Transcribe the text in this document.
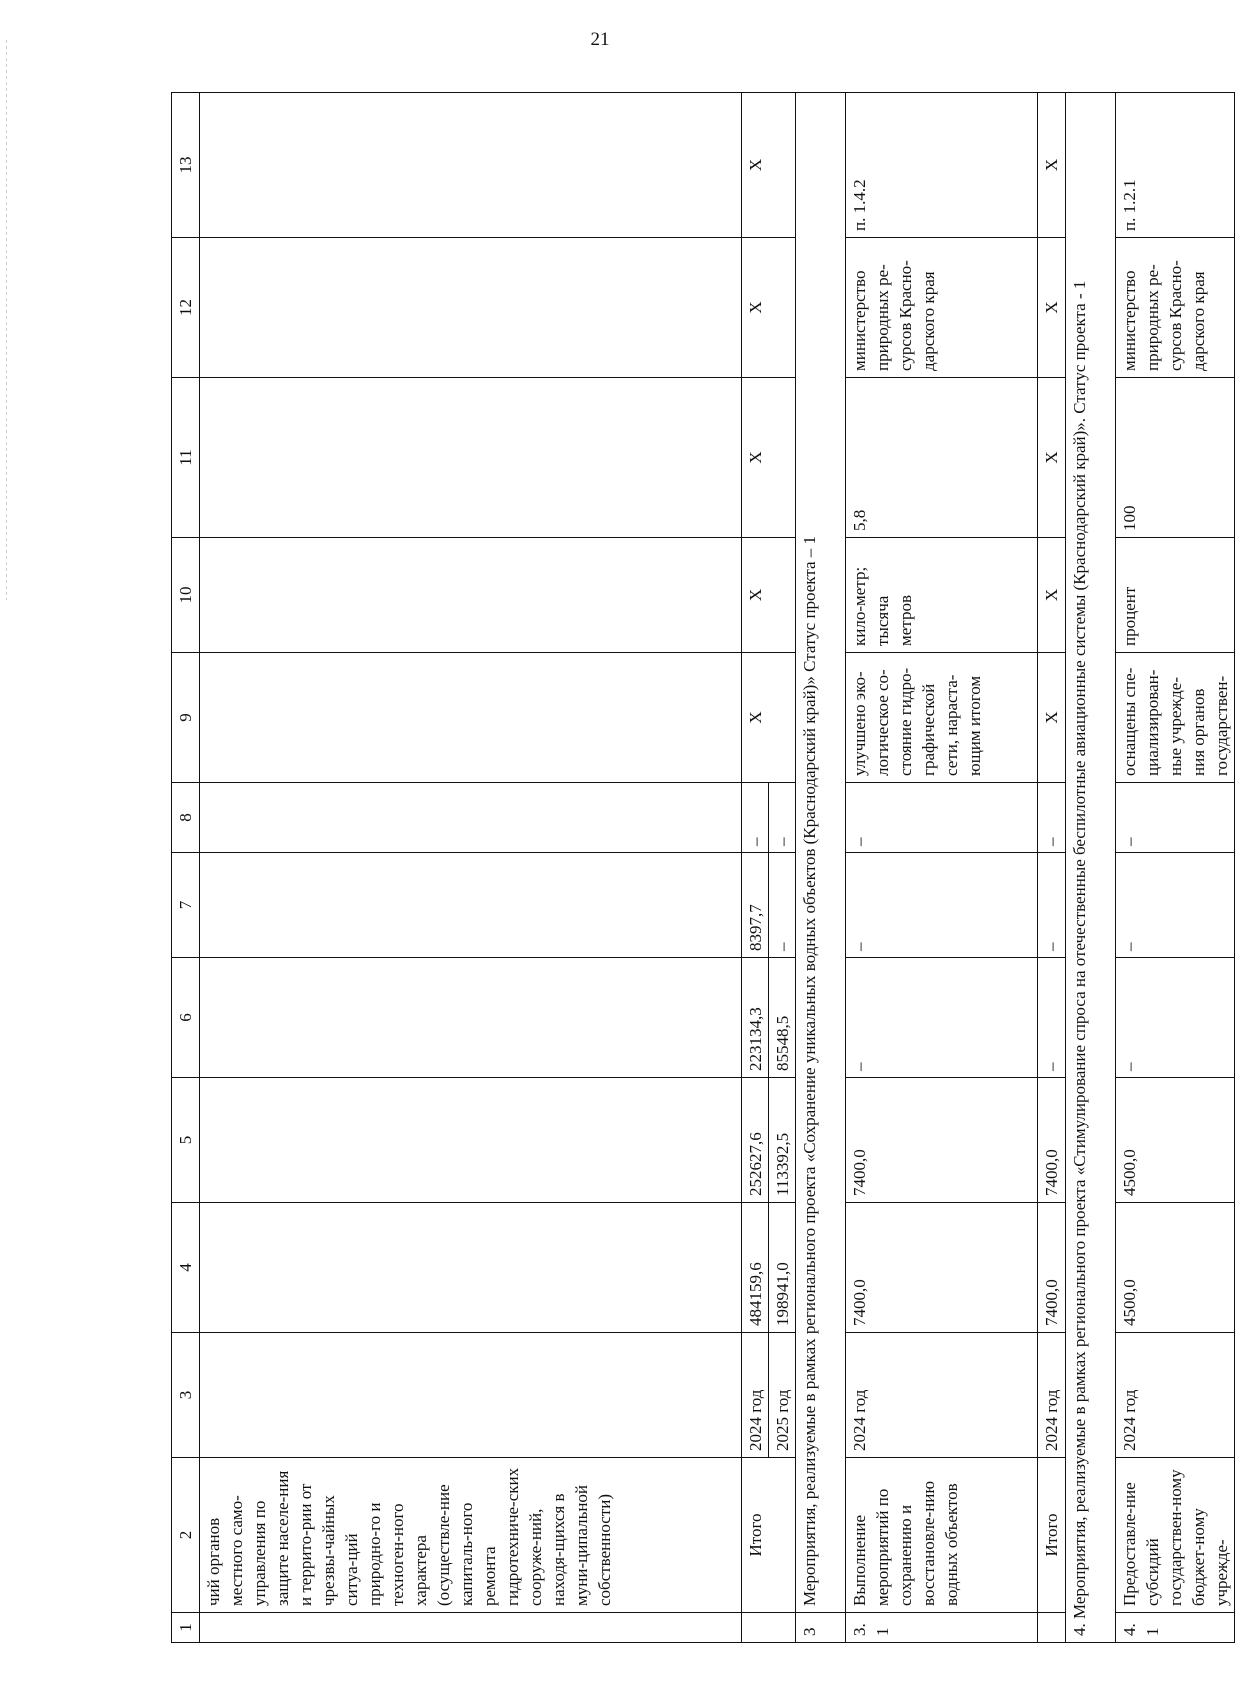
21
1	2	3	4	5	6	7	8	9	10	11	12	13
	чий органов местного само-управления по защите населе-ния и террито-рии от чрезвы-чайных ситуа-ций природно-го и техноген-ного характера (осуществле-ние капиталь-ного ремонта гидротехниче-ских сооруже-ний, находя-щихся в муни-ципальной собственности)											
	Итого	2024 год	484159,6	252627,6	223134,3	8397,7	–	Х	Х	Х	Х	Х
		2025 год	198941,0	113392,5	85548,5	–	–					
3	Мероприятия, реализуемые в рамках регионального проекта «Сохранение уникальных водных объектов (Краснодарский край)» Статус проекта – 1											
3.1	Выполнение мероприятий по сохранению и восстановле-нию водных объектов	2024 год	7400,0	7400,0	–	–	–	улучшено эко-логическое со-стояние гидро-графической сети, нараста-ющим итогом	кило-метр; тысяча метров	5,8	министерство природных ре-сурсов Красно-дарского края	п. 1.4.2
	Итого	2024 год	7400,0	7400,0	–	–	–	Х	Х	Х	Х	Х
4. Мероприятия, реализуемые в рамках регионального проекта «Стимулирование спроса на отечественные беспилотные авиационные системы (Краснодарский край)». Статус проекта - 1												
4.1	Предоставле-ние субсидий государствен-ному бюджет-ному учрежде-	2024 год	4500,0	4500,0	–	–	–	оснащены спе-циализирован-ные учрежде-ния органов государствен-	процент	100	министерство природных ре-сурсов Красно-дарского края	п. 1.2.1
